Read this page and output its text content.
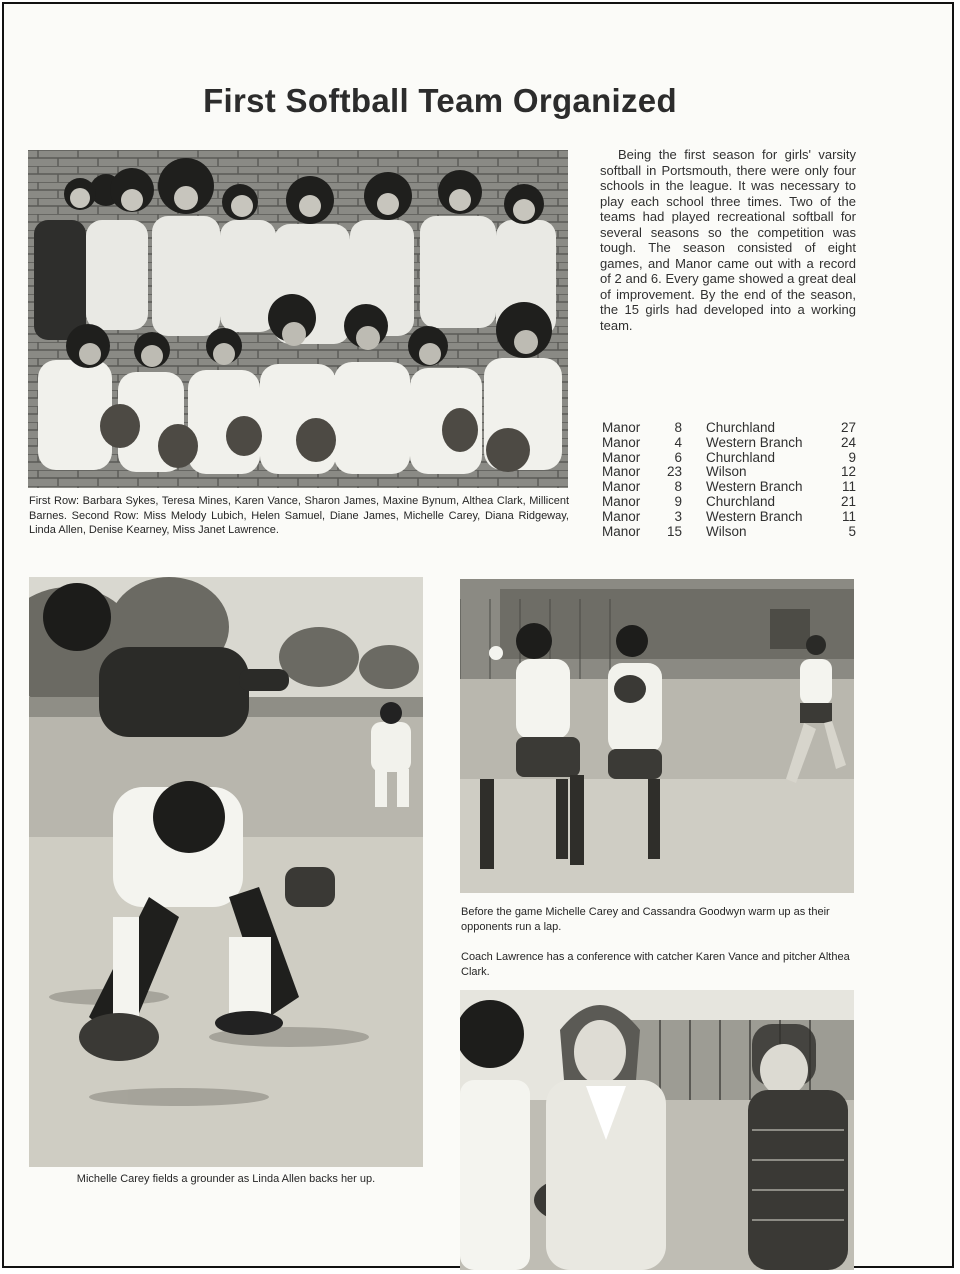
First Softball Team Organized
First Row: Barbara Sykes, Teresa Mines, Karen Vance, Sharon James, Maxine Bynum, Althea Clark, Millicent Barnes. Second Row: Miss Melody Lubich, Helen Samuel, Diane James, Michelle Carey, Diana Ridgeway, Linda Allen, Denise Kearney, Miss Janet Lawrence.
Being the first season for girls' varsity softball in Portsmouth, there were only four schools in the league. It was necessary to play each school three times. Two of the teams had played recreational softball for several seasons so the competition was tough. The season consisted of eight games, and Manor came out with a record of 2 and 6. Every game showed a great deal of improvement. By the end of the season, the 15 girls had developed into a working team.
Manor	8	Churchland	27
Manor	4	Western Branch	24
Manor	6	Churchland	9
Manor	23	Wilson	12
Manor	8	Western Branch	11
Manor	9	Churchland	21
Manor	3	Western Branch	11
Manor	15	Wilson	5
Michelle Carey fields a grounder as Linda Allen backs her up.
Before the game Michelle Carey and Cassandra Goodwyn warm up as their opponents run a lap.
Coach Lawrence has a conference with catcher Karen Vance and pitcher Althea Clark.
